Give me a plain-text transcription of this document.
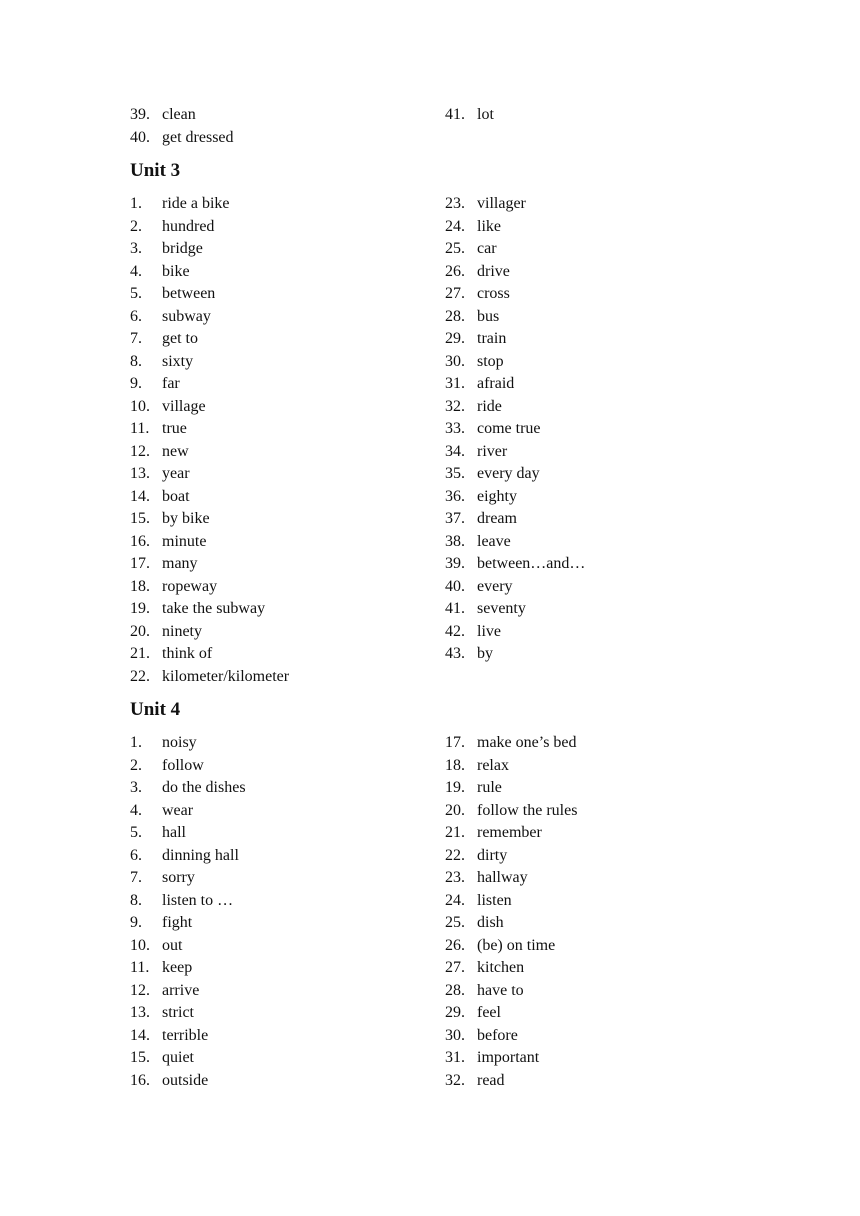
39. clean
40. get dressed
41. lot
Unit 3
1.	ride a bike
2.	hundred
3.	bridge
4.	bike
5.	between
6.	subway
7.	get to
8.	sixty
9.	far
10. village
11. true
12. new
13. year
14. boat
15. by bike
16. minute
17. many
18. ropeway
19. take the subway
20. ninety
21. think of
22. kilometer/kilometer
23. villager
24. like
25. car
26. drive
27. cross
28. bus
29. train
30. stop
31. afraid
32. ride
33. come true
34. river
35. every day
36. eighty
37. dream
38. leave
39. between…and…
40. every
41. seventy
42. live
43. by
Unit 4
1.	noisy
2.	follow
3.	do the dishes
4.	wear
5.	hall
6.	dinning hall
7.	sorry
8.	listen to …
9.	fight
10. out
11. keep
12. arrive
13. strict
14. terrible
15. quiet
16. outside
17. make one’s bed
18. relax
19. rule
20. follow the rules
21. remember
22. dirty
23. hallway
24. listen
25. dish
26. (be) on time
27. kitchen
28. have to
29. feel
30. before
31. important
32. read
